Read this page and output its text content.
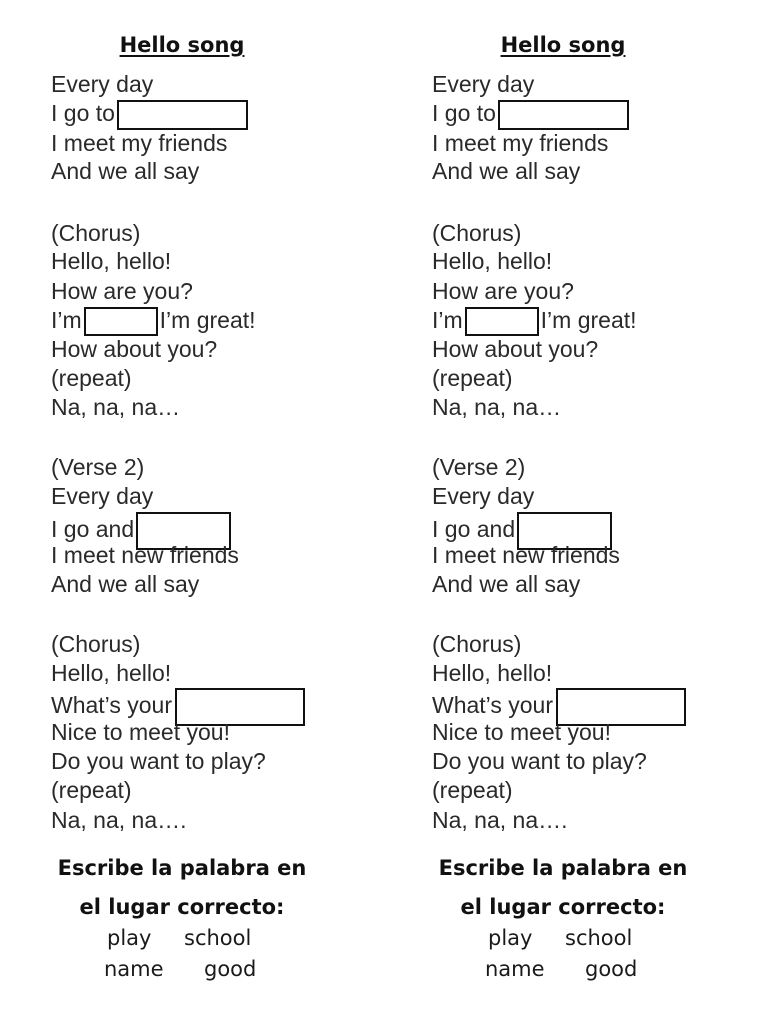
Hello song
Every day
I go to
I meet my friends
And we all say
(Chorus)
Hello, hello!
How are you?
I’m	I’m great!
How about you?
(repeat)
Na, na, na…
(Verse 2)
Every day
I go and
I meet new friends
And we all say
(Chorus)
Hello, hello!
What’s your
Nice to meet you!
Do you want to play?
(repeat)
Na, na, na….
Escribe la palabra en
el lugar correcto:
play school
name good
Hello song
Every day
I go to
I meet my friends
And we all say
(Chorus)
Hello, hello!
How are you?
I’m	I’m great!
How about you?
(repeat)
Na, na, na…
(Verse 2)
Every day
I go and
I meet new friends
And we all say
(Chorus)
Hello, hello!
What’s your
Nice to meet you!
Do you want to play?
(repeat)
Na, na, na….
Escribe la palabra en
el lugar correcto:
play school
name good
